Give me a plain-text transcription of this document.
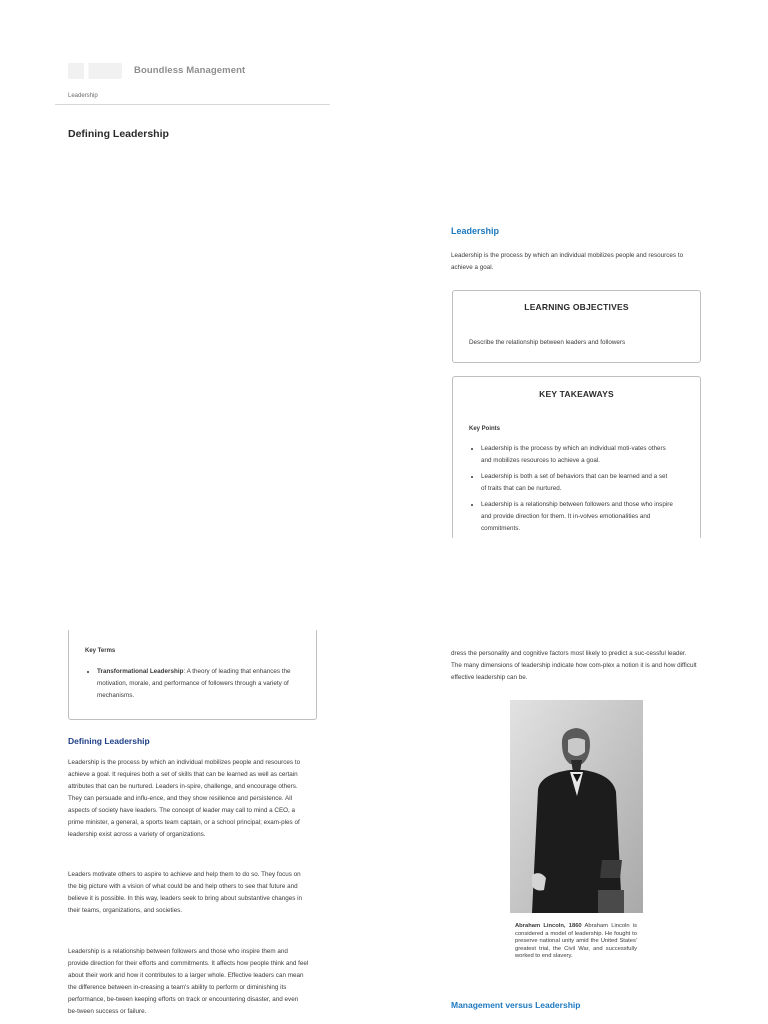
Boundless Management
Leadership
Defining Leadership
Leadership

Leadership is the process by which an individual mobilizes people and resources to achieve a goal.

LEARNING OBJECTIVES

Describe the relationship between leaders and followers

KEY TAKEAWAYS
Key Points
• Leadership is the process by which an individual moti-vates others and mobilizes resources to achieve a goal.
• Leadership is both a set of behaviors that can be learned and a set of traits that can be nurtured.
• Leadership is a relationship between followers and those who inspire and provide direction for them. It in-volves emotionalities and commitments.
Key Terms
• Transformational Leadership: A theory of leading that enhances the motivation, morale, and performance of followers through a variety of mechanisms.
Defining Leadership

Leadership is the process by which an individual mobilizes people and resources to achieve a goal. It requires both a set of skills that can be learned as well as certain attributes that can be nurtured. Leaders in-spire, challenge, and encourage others. They can persuade and influ-ence, and they show resilience and persistence. All aspects of society have leaders. The concept of leader may call to mind a CEO, a prime minister, a general, a sports team captain, or a school principal; exam-ples of leadership exist across a variety of organizations.

Leaders motivate others to aspire to achieve and help them to do so. They focus on the big picture with a vision of what could be and help others to see that future and believe it is possible. In this way, leaders seek to bring about substantive changes in their teams, organizations, and societies.

Leadership is a relationship between followers and those who inspire them and provide direction for their efforts and commitments. It affects how people think and feel about their work and how it contributes to a larger whole. Effective leaders can mean the difference between in-creasing a team's ability to perform or diminishing its performance, be-tween keeping efforts on track or encountering disaster, and even be-tween success or failure.

dress the personality and cognitive factors most likely to predict a suc-cessful leader. The many dimensions of leadership indicate how com-plex a notion it is and how difficult effective leadership can be.

Abraham Lincoln, 1860 Abraham Lincoln is considered a model of leadership. He fought to preserve national unity amid the United States' greatest trial, the Civil War, and successfully worked to end slavery.
Management versus Leadership
